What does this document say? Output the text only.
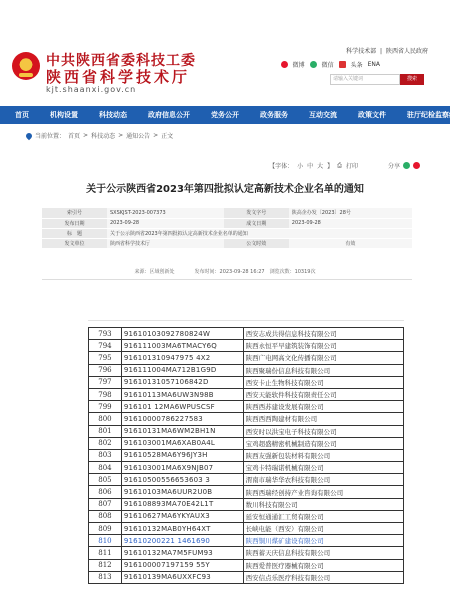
中共陕西省委科技工委
陕西省科学技术厅
kjt.shaanxi.gov.cn
科学技术部 | 陕西省人民政府
微博	微信	头条 ENA
请输入关键词	搜索
首页	机构设置	科技动态	政府信息公开	党务公开	政务服务	互动交流	政策文件	驻厅纪检监察组
当前位置： 首页 > 科技动态 > 通知公告 > 正文
【字体： 小 中 大 】 ⎙ 打印	分享
关于公示陕西省2023年第四批拟认定高新技术企业名单的通知
索引号	SXSKJST-2023-007373	发文字号	陕高企办发〔2023〕28号
发布日期	2023-09-28	成文日期	2023-09-28
标　题	关于公示陕西省2023年第四批拟认定高新技术企业名单的通知		
发文单位	陕西省科学技术厅	公文时效	有效
来源：区域创新处　　　　发布时间：2023-09-28 16:27　浏览次数：10319次
793	91610103092780824W	西安志成共得信息科技有限公司
794	916111003MA6TMACY6Q	陕西永恒平早建筑装饰有限公司
795	916101310947975 4X2	陕西广电网高文化传播有限公司
796	916111004MA712B1G9D	陕西聚瑞份信息科技有限公司
797	91610131057106842D	西安卡止生物科技有限公司
798	91610113MA6UW3N98B	西安天能软件科技有限责任公司
799	916101 12MA6WPUSCSF	陕西西苏建设发展有限公司
800	91610000786227583	陕西西西陶建材有限公司
801	91610131MA6WM2BH1N	西安时以洪宝电子科技有限公司
802	916103001MA6XAB0A4L	宝鸡超盛精密机械制造有限公司
803	91610528MA6Y96JY3H	陕西友强新包装材料有限公司
804	916103001MA6X9NJB07	宝鸡卡特瑞诺机械有限公司
805	91610500556653603 3	渭南市瑞华华农科技有限公司
806	91610103MA6UUR2U0B	陕西西瑞经创持产业咨询有限公司
807	916108893MA70E42L1T	数川科技有限公司
808	91610627MA6YKYAUX3	延安恒通通汇工贸有限公司
809	91610132MAB0YH64XT	长峡电能（西安）有限公司
810	91610200221 1461690	陕西铜川煤矿建设有限公司
811	91610132MA7M5FUM93	陕西蓄天庆信息科技有限公司
812	916100007197159 55Y	陕西爱普医疗器械有限公司
813	91610139MA6UXXFC93	西安信点乐医疗科技有限公司
